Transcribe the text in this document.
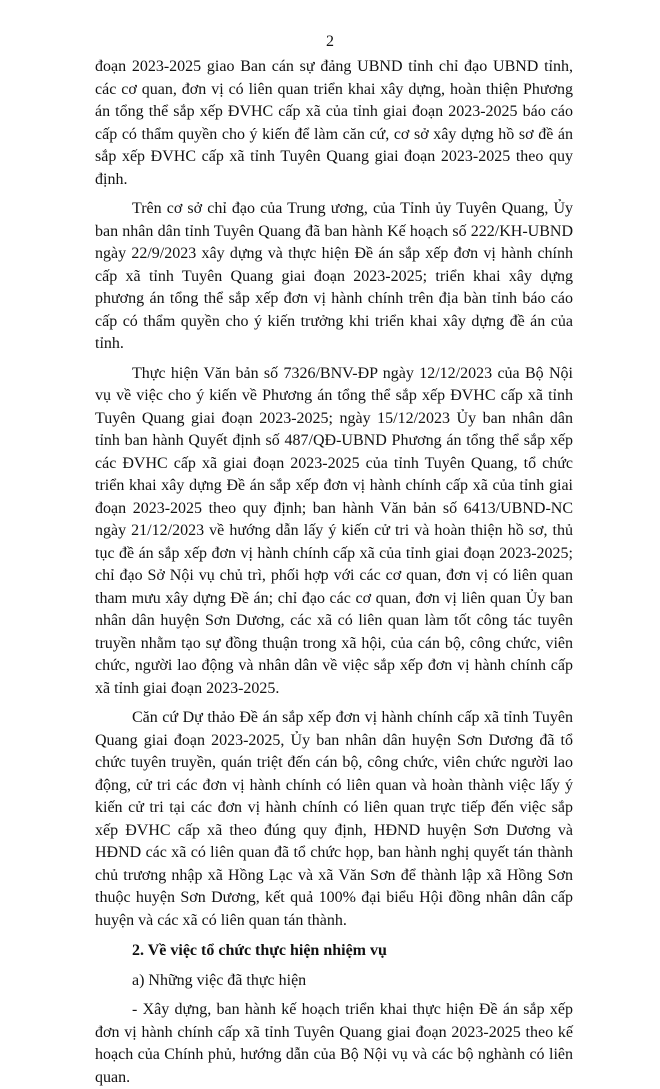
2

đoạn 2023-2025 giao Ban cán sự đảng UBND tỉnh chỉ đạo UBND tỉnh, các cơ quan, đơn vị có liên quan triển khai xây dựng, hoàn thiện Phương án tổng thể sắp xếp ĐVHC cấp xã của tỉnh giai đoạn 2023-2025 báo cáo cấp có thẩm quyền cho ý kiến để làm căn cứ, cơ sở xây dựng hồ sơ đề án sắp xếp ĐVHC cấp xã tỉnh Tuyên Quang giai đoạn 2023-2025 theo quy định.

Trên cơ sở chỉ đạo của Trung ương, của Tỉnh ủy Tuyên Quang, Ủy ban nhân dân tỉnh Tuyên Quang đã ban hành Kế hoạch số 222/KH-UBND ngày 22/9/2023 xây dựng và thực hiện Đề án sắp xếp đơn vị hành chính cấp xã tỉnh Tuyên Quang giai đoạn 2023-2025; triển khai xây dựng phương án tổng thể sắp xếp đơn vị hành chính trên địa bàn tỉnh báo cáo cấp có thẩm quyền cho ý kiến trưởng khi triển khai xây dựng đề án của tỉnh.

Thực hiện Văn bản số 7326/BNV-ĐP ngày 12/12/2023 của Bộ Nội vụ về việc cho ý kiến về Phương án tổng thể sắp xếp ĐVHC cấp xã tỉnh Tuyên Quang giai đoạn 2023-2025; ngày 15/12/2023 Ủy ban nhân dân tỉnh ban hành Quyết định số 487/QĐ-UBND Phương án tổng thể sắp xếp các ĐVHC cấp xã giai đoạn 2023-2025 của tỉnh Tuyên Quang, tổ chức triển khai xây dựng Đề án sắp xếp đơn vị hành chính cấp xã của tỉnh giai đoạn 2023-2025 theo quy định; ban hành Văn bản số 6413/UBND-NC ngày 21/12/2023 về hướng dẫn lấy ý kiến cử tri và hoàn thiện hồ sơ, thủ tục đề án sắp xếp đơn vị hành chính cấp xã của tỉnh giai đoạn 2023-2025; chỉ đạo Sở Nội vụ chủ trì, phối hợp với các cơ quan, đơn vị có liên quan tham mưu xây dựng Đề án; chỉ đạo các cơ quan, đơn vị liên quan Ủy ban nhân dân huyện Sơn Dương, các xã có liên quan làm tốt công tác tuyên truyền nhằm tạo sự đồng thuận trong xã hội, của cán bộ, công chức, viên chức, người lao động và nhân dân về việc sắp xếp đơn vị hành chính cấp xã tỉnh giai đoạn 2023-2025.

Căn cứ Dự thảo Đề án sắp xếp đơn vị hành chính cấp xã tỉnh Tuyên Quang giai đoạn 2023-2025, Ủy ban nhân dân huyện Sơn Dương đã tổ chức tuyên truyền, quán triệt đến cán bộ, công chức, viên chức người lao động, cử tri các đơn vị hành chính có liên quan và hoàn thành việc lấy ý kiến cử tri tại các đơn vị hành chính có liên quan trực tiếp đến việc sắp xếp ĐVHC cấp xã theo đúng quy định, HĐND huyện Sơn Dương và HĐND các xã có liên quan đã tổ chức họp, ban hành nghị quyết tán thành chủ trương nhập xã Hồng Lạc và xã Văn Sơn để thành lập xã Hồng Sơn thuộc huyện Sơn Dương, kết quả 100% đại biểu Hội đồng nhân dân cấp huyện và các xã có liên quan tán thành.

2. Về việc tổ chức thực hiện nhiệm vụ

a) Những việc đã thực hiện

- Xây dựng, ban hành kế hoạch triển khai thực hiện Đề án sắp xếp đơn vị hành chính cấp xã tỉnh Tuyên Quang giai đoạn 2023-2025 theo kế hoạch của Chính phủ, hướng dẫn của Bộ Nội vụ và các bộ nghành có liên quan.
